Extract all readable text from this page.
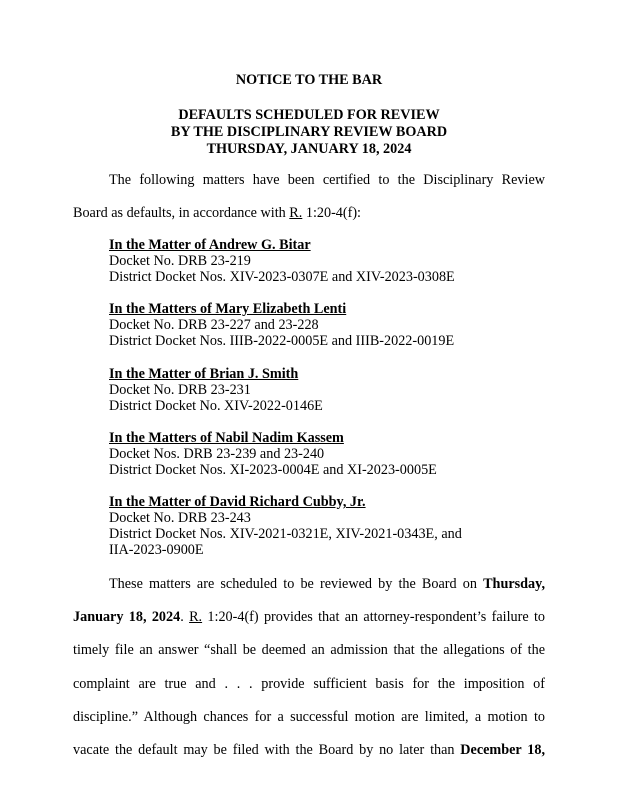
NOTICE TO THE BAR
DEFAULTS SCHEDULED FOR REVIEW
BY THE DISCIPLINARY REVIEW BOARD
THURSDAY, JANUARY 18, 2024
The following matters have been certified to the Disciplinary Review
Board as defaults, in accordance with R. 1:20-4(f):
In the Matter of Andrew G. Bitar
Docket No. DRB 23-219
District Docket Nos. XIV-2023-0307E and XIV-2023-0308E
In the Matters of Mary Elizabeth Lenti
Docket No. DRB 23-227 and 23-228
District Docket Nos. IIIB-2022-0005E and IIIB-2022-0019E
In the Matter of Brian J. Smith
Docket No. DRB 23-231
District Docket No. XIV-2022-0146E
In the Matters of Nabil Nadim Kassem
Docket Nos. DRB 23-239 and 23-240
District Docket Nos. XI-2023-0004E and XI-2023-0005E
In the Matter of David Richard Cubby, Jr.
Docket No. DRB 23-243
District Docket Nos. XIV-2021-0321E, XIV-2021-0343E, and
IIA-2023-0900E
These matters are scheduled to be reviewed by the Board on Thursday,
January 18, 2024. R. 1:20-4(f) provides that an attorney-respondent’s failure to
timely file an answer “shall be deemed an admission that the allegations of the
complaint are true and . . . provide sufficient basis for the imposition of
discipline.” Although chances for a successful motion are limited, a motion to
vacate the default may be filed with the Board by no later than December 18,
